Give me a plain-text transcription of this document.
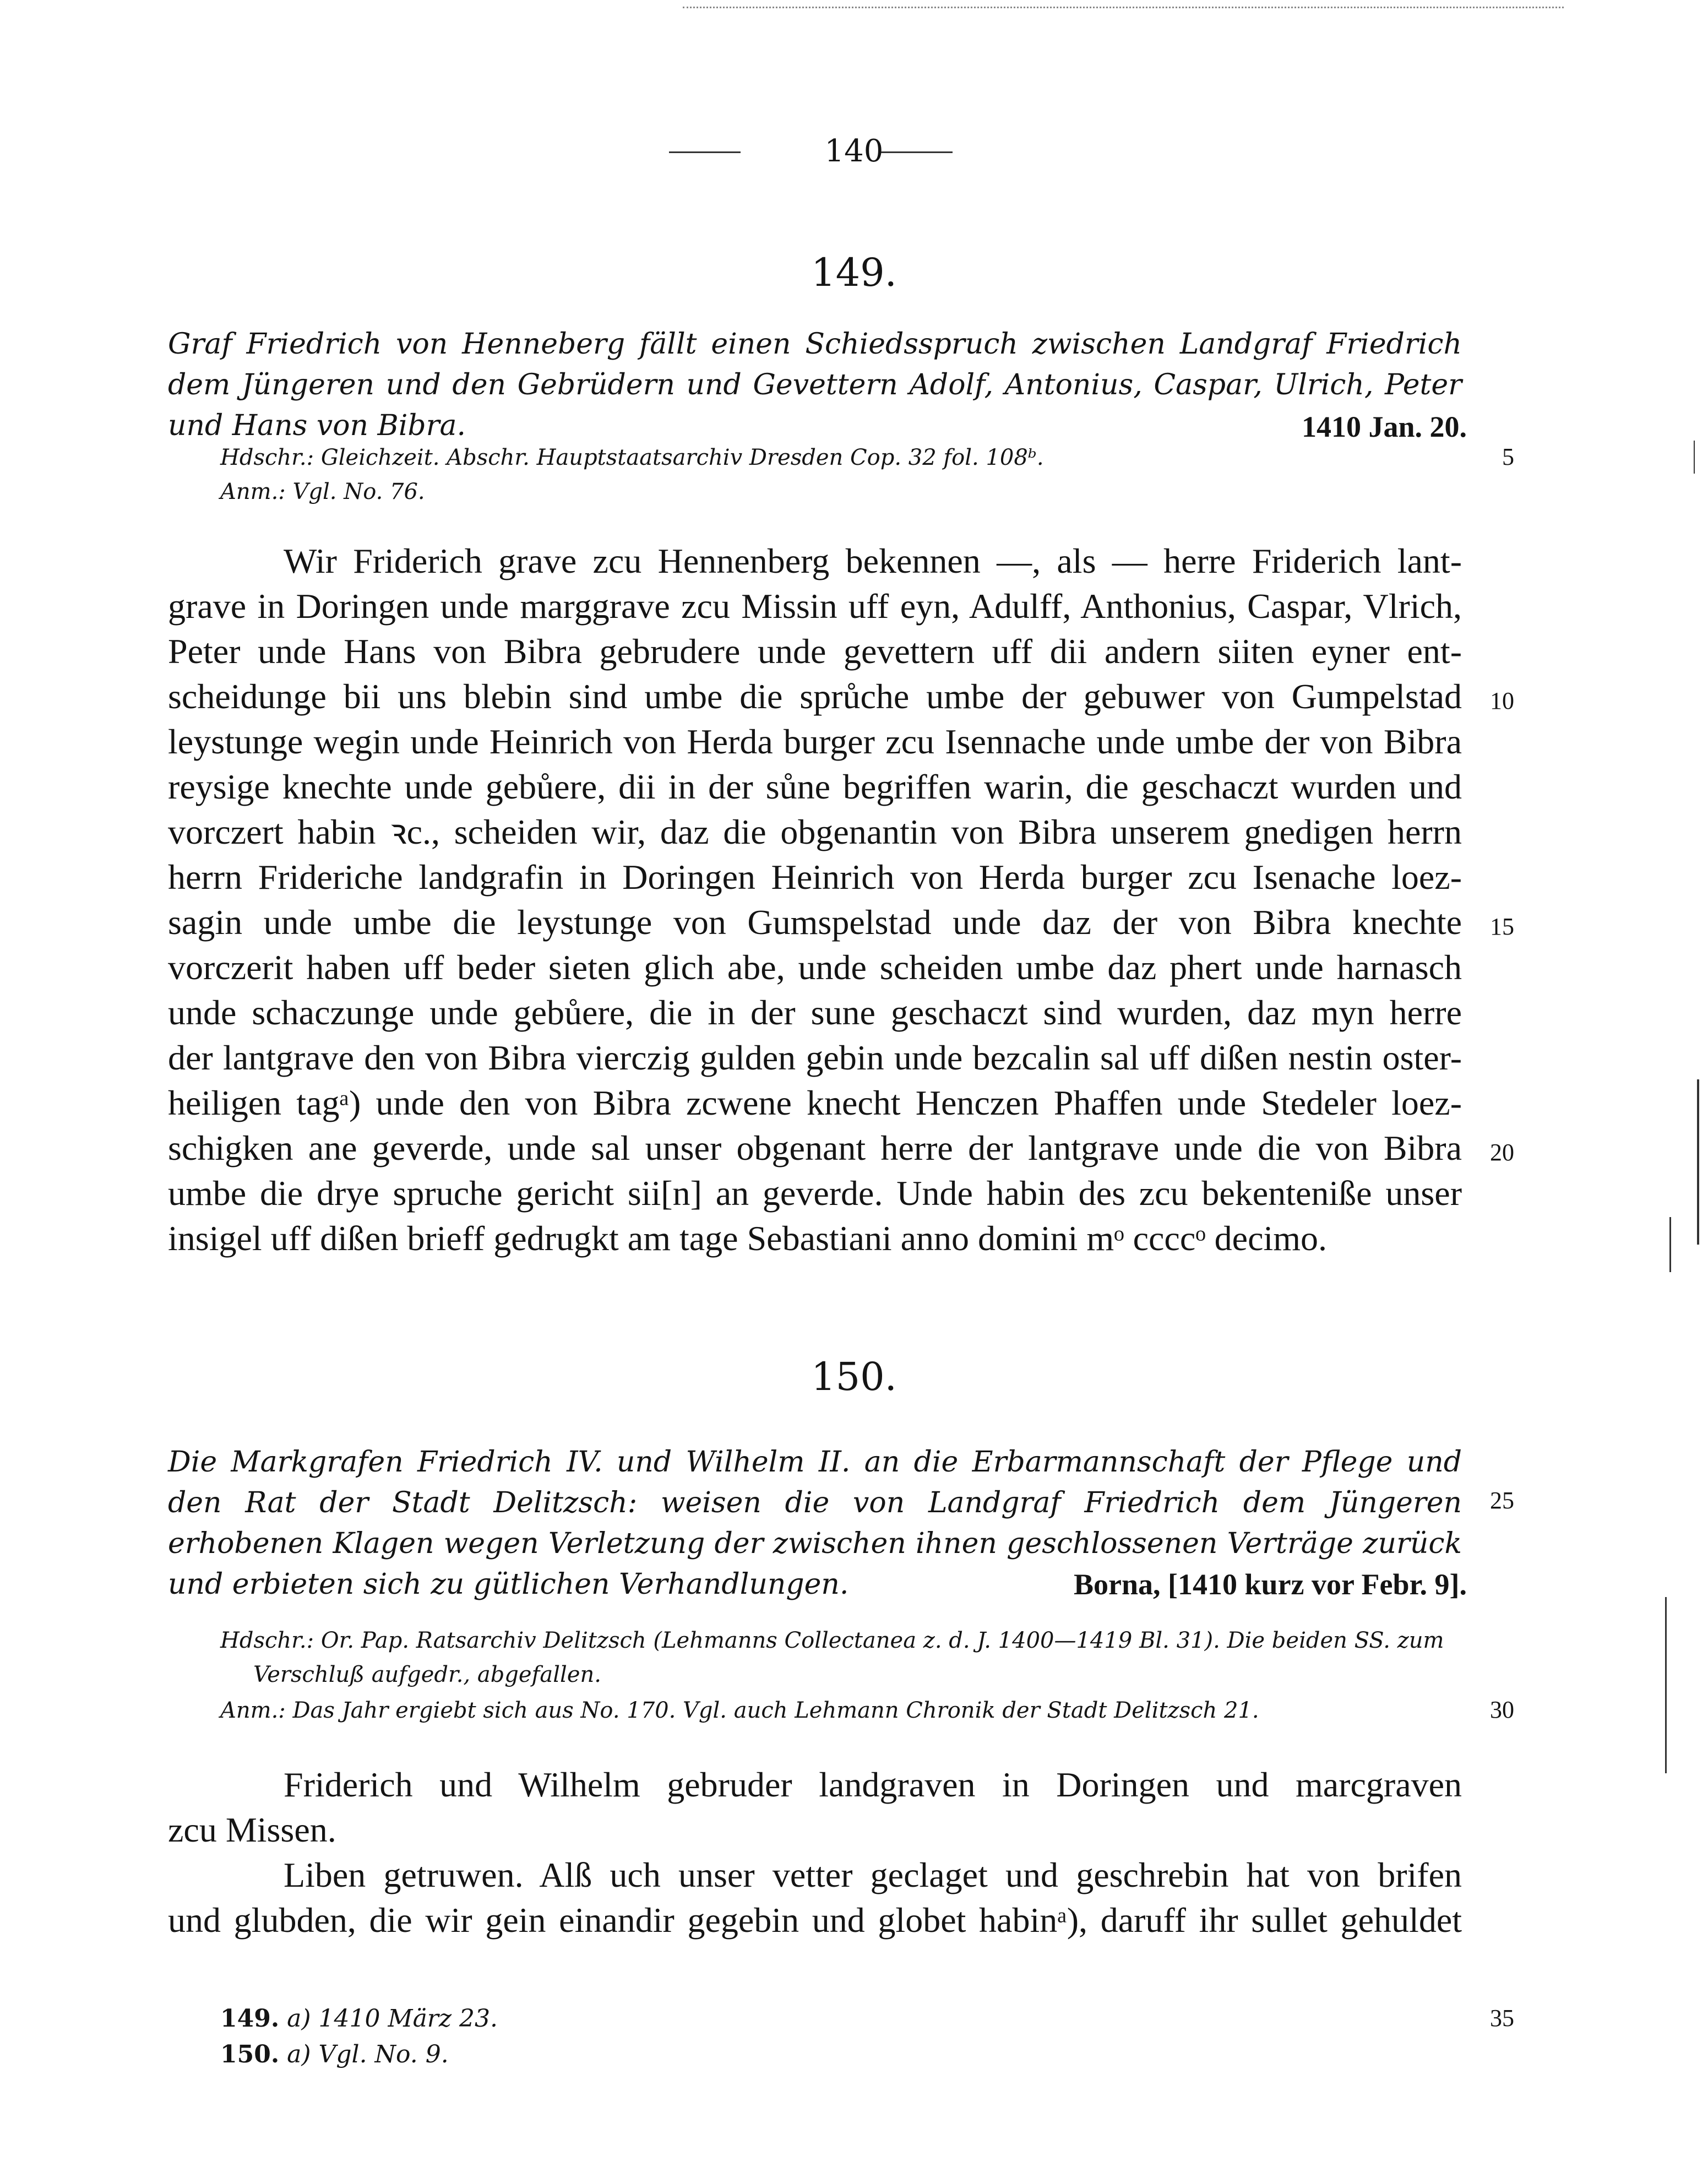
140
149.
Graf Friedrich von Henneberg fällt einen Schiedsspruch zwischen Landgraf Friedrich dem Jüngeren und den Gebrüdern und Gevettern Adolf, Antonius, Caspar, Ulrich, Peter und Hans von Bibra.	1410 Jan. 20.
Hdschr.: Gleichzeit. Abschr. Hauptstaatsarchiv Dresden Cop. 32 fol. 108ᵇ.
Anm.: Vgl. No. 76.
Wir Friderich grave zcu Hennenberg bekennen —, als — herre Friderich lant-
grave in Doringen unde marggrave zcu Missin uff eyn, Adulff, Anthonius, Caspar, Vlrich,
Peter unde Hans von Bibra gebrudere unde gevettern uff dii andern siiten eyner ent-
scheidunge bii uns blebin sind umbe die sprůche umbe der gebuwer von Gumpelstad
leystunge wegin unde Heinrich von Herda burger zcu Isennache unde umbe der von Bibra
reysige knechte unde gebůere, dii in der sůne begriffen warin, die geschaczt wurden und
vorczert habin ꝛc., scheiden wir, daz die obgenantin von Bibra unserem gnedigen herrn
herrn Frideriche landgrafin in Doringen Heinrich von Herda burger zcu Isenache loez-
sagin unde umbe die leystunge von Gumspelstad unde daz der von Bibra knechte
vorczerit haben uff beder sieten glich abe, unde scheiden umbe daz phert unde harnasch
unde schaczunge unde gebůere, die in der sune geschaczt sind wurden, daz myn herre
der lantgrave den von Bibra vierczig gulden gebin unde bezcalin sal uff dißen nestin oster-
heiligen tagᵃ) unde den von Bibra zcwene knecht Henczen Phaffen unde Stedeler loez-
schigken ane geverde, unde sal unser obgenant herre der lantgrave unde die von Bibra
umbe die drye spruche gericht sii[n] an geverde. Unde habin des zcu bekenteniße unser
insigel uff dißen brieff gedrugkt am tage Sebastiani anno domini mᵒ ccccᵒ decimo.
150.
Die Markgrafen Friedrich IV. und Wilhelm II. an die Erbarmannschaft der Pflege und den Rat der Stadt Delitzsch: weisen die von Landgraf Friedrich dem Jüngeren erhobenen Klagen wegen Verletzung der zwischen ihnen geschlossenen Verträge zurück und erbieten sich zu gütlichen Verhandlungen.	Borna, [1410 kurz vor Febr. 9].
Hdschr.: Or. Pap. Ratsarchiv Delitzsch (Lehmanns Collectanea z. d. J. 1400—1419 Bl. 31). Die beiden SS. zum
Verschluß aufgedr., abgefallen.
Anm.: Das Jahr ergiebt sich aus No. 170. Vgl. auch Lehmann Chronik der Stadt Delitzsch 21.
Friderich und Wilhelm gebruder landgraven in Doringen und marcgraven
zcu Missen.
Liben getruwen. Alß uch unser vetter geclaget und geschrebin hat von brifen
und glubden, die wir gein einandir gegebin und globet habinᵃ), daruff ihr sullet gehuldet
5
10
15
20
25
30
35
149. a) 1410 März 23.
150. a) Vgl. No. 9.
